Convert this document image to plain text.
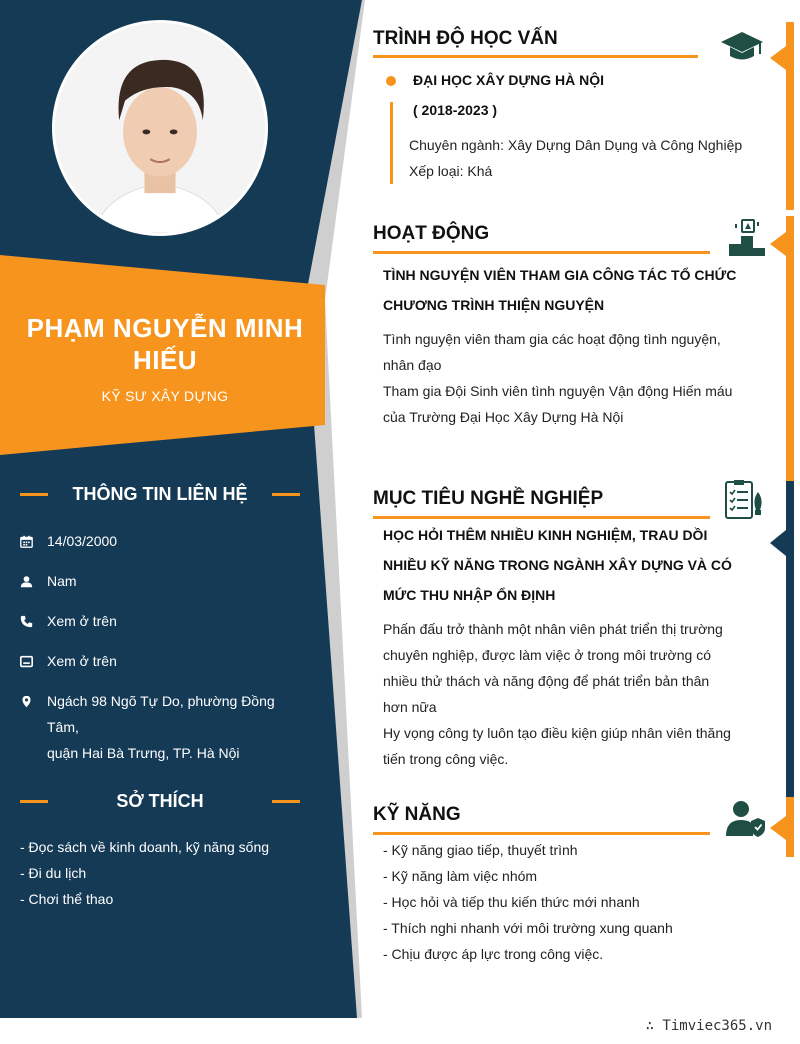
PHẠM NGUYỄN MINH
HIẾU
KỸ SƯ XÂY DỰNG
THÔNG TIN LIÊN HỆ
14/03/2000
Nam
Xem ở trên
Xem ở trên
Ngách 98 Ngõ Tự Do, phường Đồng Tâm,
quận Hai Bà Trưng, TP. Hà Nội
SỞ THÍCH
- Đọc sách về kinh doanh, kỹ năng sống
- Đi du lịch
- Chơi thể thao
TRÌNH ĐỘ HỌC VẤN
ĐẠI HỌC XÂY DỰNG HÀ NỘI
( 2018-2023 )
Chuyên ngành: Xây Dựng Dân Dụng và Công Nghiệp
Xếp loại: Khá
HOẠT ĐỘNG
TÌNH NGUYỆN VIÊN THAM GIA CÔNG TÁC TỔ CHỨC
CHƯƠNG TRÌNH THIỆN NGUYỆN
Tình nguyện viên tham gia các hoạt động tình nguyện,
nhân đạo
Tham gia Đội Sinh viên tình nguyện Vận động Hiến máu
của Trường Đại Học Xây Dựng Hà Nội
MỤC TIÊU NGHỀ NGHIỆP
HỌC HỎI THÊM NHIỀU KINH NGHIỆM, TRAU DỒI
NHIỀU KỸ NĂNG TRONG NGÀNH XÂY DỰNG VÀ CÓ
MỨC THU NHẬP ỔN ĐỊNH
Phấn đấu trở thành một nhân viên phát triển thị trường
chuyên nghiệp, được làm việc ở trong môi trường có
nhiều thử thách và năng động để phát triển bản thân
hơn nữa
Hy vọng công ty luôn tạo điều kiện giúp nhân viên thăng
tiến trong công việc.
KỸ NĂNG
- Kỹ năng giao tiếp, thuyết trình
- Kỹ năng làm việc nhóm
- Học hỏi và tiếp thu kiến thức mới nhanh
- Thích nghi nhanh với môi trường xung quanh
- Chịu được áp lực trong công việc.
∴ Timviec365.vn
